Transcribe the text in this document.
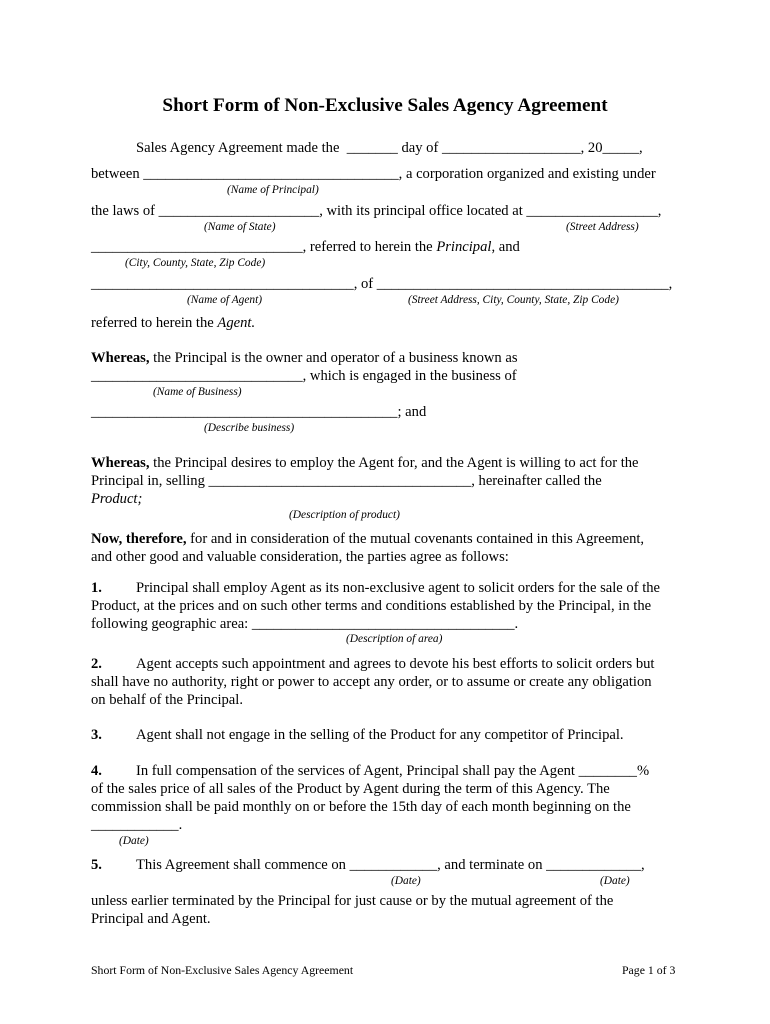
Short Form of Non-Exclusive Sales Agency Agreement
Sales Agency Agreement made the  _______ day of ___________________, 20_____,
between ___________________________________, a corporation organized and existing under
(Name of Principal)
the laws of ______________________, with its principal office located at __________________,
(Name of State)	(Street Address)
_____________________________, referred to herein the Principal, and
(City, County, State, Zip Code)
____________________________________, of ________________________________________,
(Name of Agent)	(Street Address, City, County, State, Zip Code)
referred to herein the Agent.
Whereas, the Principal is the owner and operator of a business known as
_____________________________, which is engaged in the business of
(Name of Business)
__________________________________________; and
(Describe business)
Whereas, the Principal desires to employ the Agent for, and the Agent is willing to act for the
Principal in, selling ____________________________________, hereinafter called the
Product;
(Description of product)
Now, therefore, for and in consideration of the mutual covenants contained in this Agreement,
and other good and valuable consideration, the parties agree as follows:
1. Principal shall employ Agent as its non-exclusive agent to solicit orders for the sale of the
Product, at the prices and on such other terms and conditions established by the Principal, in the
following geographic area: ____________________________________.
(Description of area)
2. Agent accepts such appointment and agrees to devote his best efforts to solicit orders but
shall have no authority, right or power to accept any order, or to assume or create any obligation
on behalf of the Principal.
3. Agent shall not engage in the selling of the Product for any competitor of Principal.
4. In full compensation of the services of Agent, Principal shall pay the Agent ________%
of the sales price of all sales of the Product by Agent during the term of this Agency. The
commission shall be paid monthly on or before the 15th day of each month beginning on the
____________.
(Date)
5. This Agreement shall commence on ____________, and terminate on _____________,
(Date)	(Date)
unless earlier terminated by the Principal for just cause or by the mutual agreement of the
Principal and Agent.
Short Form of Non-Exclusive Sales Agency Agreement	Page 1 of 3
